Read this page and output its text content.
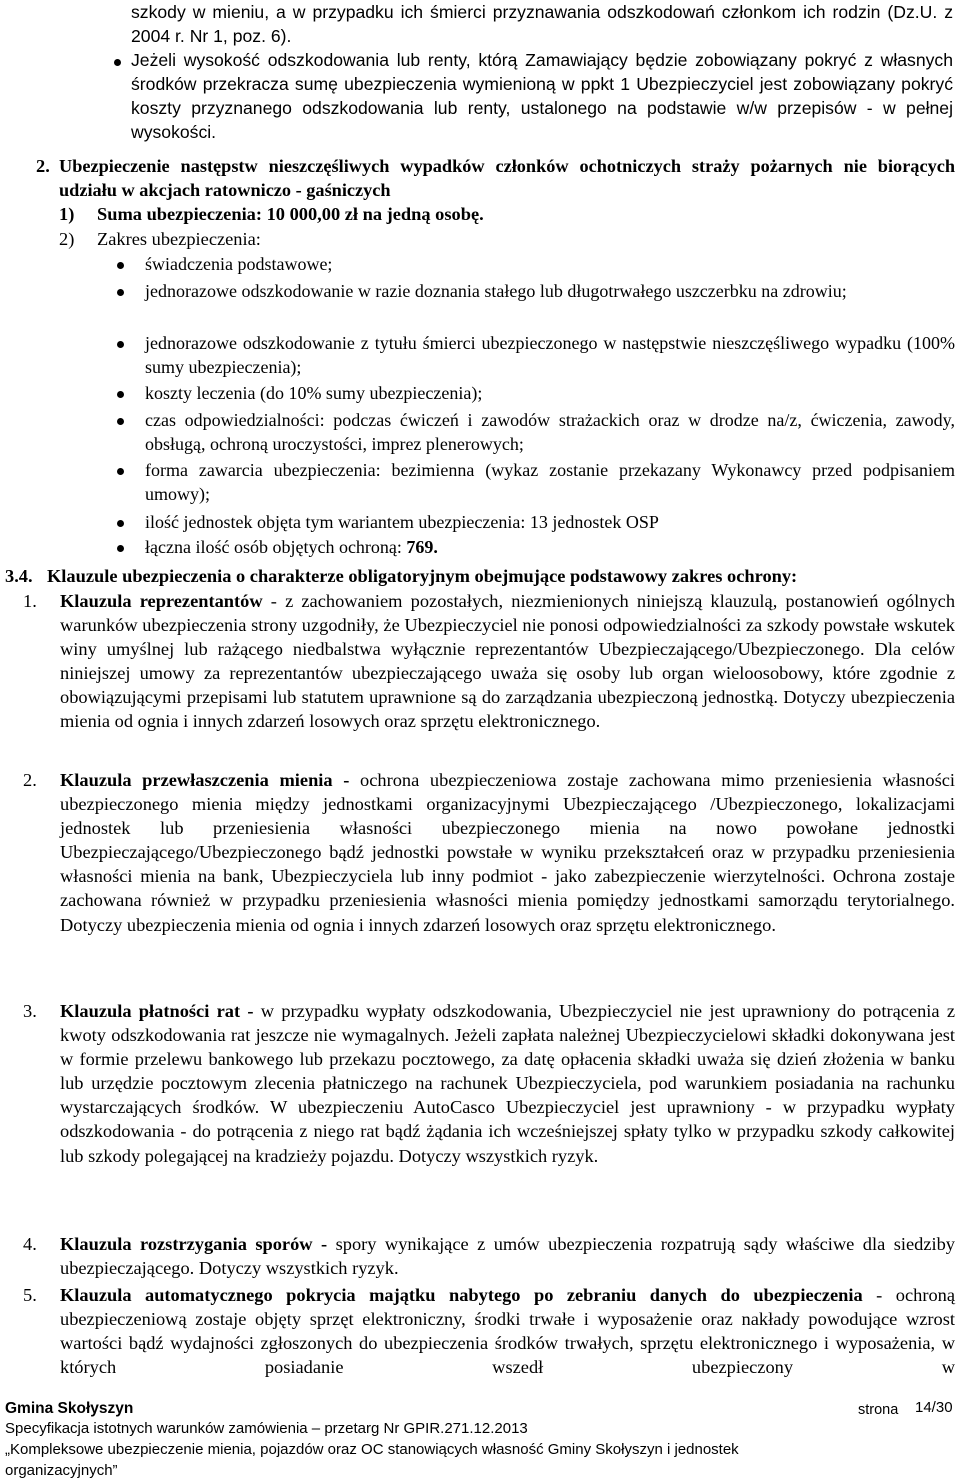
szkody w mieniu, a w przypadku ich śmierci przyznawania odszkodowań członkom ich rodzin (Dz.U. z 2004 r. Nr 1, poz. 6).

Jeżeli wysokość odszkodowania lub renty, którą Zamawiający będzie zobowiązany pokryć z własnych środków przekracza sumę ubezpieczenia wymienioną w ppkt 1 Ubezpieczyciel jest zobowiązany pokryć koszty przyznanego odszkodowania lub renty, ustalonego na podstawie w/w przepisów - w pełnej wysokości.

2. Ubezpieczenie następstw nieszczęśliwych wypadków członków ochotniczych straży pożarnych nie biorących udziału w akcjach ratowniczo - gaśniczych

1) Suma ubezpieczenia: 10 000,00 zł na jedną osobę.
2) Zakres ubezpieczenia:

świadczenia podstawowe;

jednorazowe odszkodowanie w razie doznania stałego lub długotrwałego uszczerbku na zdrowiu;

jednorazowe odszkodowanie z tytułu śmierci ubezpieczonego w następstwie nieszczęśliwego wypadku (100% sumy ubezpieczenia);

koszty leczenia (do 10% sumy ubezpieczenia);

czas odpowiedzialności: podczas ćwiczeń i zawodów strażackich oraz w drodze na/z, ćwiczenia, zawody, obsługą, ochroną uroczystości, imprez plenerowych;

forma zawarcia ubezpieczenia: bezimienna (wykaz zostanie przekazany Wykonawcy przed podpisaniem umowy);

ilość jednostek objęta tym wariantem ubezpieczenia: 13 jednostek OSP

łączna ilość osób objętych ochroną: 769.
3.4. Klauzule ubezpieczenia o charakterze obligatoryjnym obejmujące podstawowy zakres ochrony:
1. Klauzula reprezentantów - z zachowaniem pozostałych, niezmienionych niniejszą klauzulą, postanowień ogólnych warunków ubezpieczenia strony uzgodniły, że Ubezpieczyciel nie ponosi odpowiedzialności za szkody powstałe wskutek winy umyślnej lub rażącego niedbalstwa wyłącznie reprezentantów Ubezpieczającego/Ubezpieczonego. Dla celów niniejszej umowy za reprezentantów ubezpieczającego uważa się osoby lub organ wieloosobowy, które zgodnie z obowiązującymi przepisami lub statutem uprawnione są do zarządzania ubezpieczoną jednostką. Dotyczy ubezpieczenia mienia od ognia i innych zdarzeń losowych oraz sprzętu elektronicznego.

2. Klauzula przewłaszczenia mienia - ochrona ubezpieczeniowa zostaje zachowana mimo przeniesienia własności ubezpieczonego mienia między jednostkami organizacyjnymi Ubezpieczającego /Ubezpieczonego, lokalizacjami jednostek lub przeniesienia własności ubezpieczonego mienia na nowo powołane jednostki Ubezpieczającego/Ubezpieczonego bądź jednostki powstałe w wyniku przekształceń oraz w przypadku przeniesienia własności mienia na bank, Ubezpieczyciela lub inny podmiot - jako zabezpieczenie wierzytelności. Ochrona zostaje zachowana również w przypadku przeniesienia własności mienia pomiędzy jednostkami samorządu terytorialnego. Dotyczy ubezpieczenia mienia od ognia i innych zdarzeń losowych oraz sprzętu elektronicznego.

3. Klauzula płatności rat - w przypadku wypłaty odszkodowania, Ubezpieczyciel nie jest uprawniony do potrącenia z kwoty odszkodowania rat jeszcze nie wymagalnych. Jeżeli zapłata należnej Ubezpieczycielowi składki dokonywana jest w formie przelewu bankowego lub przekazu pocztowego, za datę opłacenia składki uważa się dzień złożenia w banku lub urzędzie pocztowym zlecenia płatniczego na rachunek Ubezpieczyciela, pod warunkiem posiadania na rachunku wystarczających środków. W ubezpieczeniu AutoCasco Ubezpieczyciel jest uprawniony - w przypadku wypłaty odszkodowania - do potrącenia z niego rat bądź żądania ich wcześniejszej spłaty tylko w przypadku szkody całkowitej lub szkody polegającej na kradzieży pojazdu. Dotyczy wszystkich ryzyk.

4. Klauzula rozstrzygania sporów - spory wynikające z umów ubezpieczenia rozpatrują sądy właściwe dla siedziby ubezpieczającego. Dotyczy wszystkich ryzyk.

5. Klauzula automatycznego pokrycia majątku nabytego po zebraniu danych do ubezpieczenia - ochroną ubezpieczeniową zostaje objęty sprzęt elektroniczny, środki trwałe i wyposażenie oraz nakłady powodujące wzrost wartości bądź wydajności zgłoszonych do ubezpieczenia środków trwałych, sprzętu elektronicznego i wyposażenia, w których posiadanie wszedł ubezpieczony w

Gmina Skołyszyn	strona 14/30
Specyfikacja istotnych warunków zamówienia – przetarg Nr GPIR.271.12.2013
„Kompleksowe ubezpieczenie mienia, pojazdów oraz OC stanowiących własność Gminy Skołyszyn i jednostek
organizacyjnych”
